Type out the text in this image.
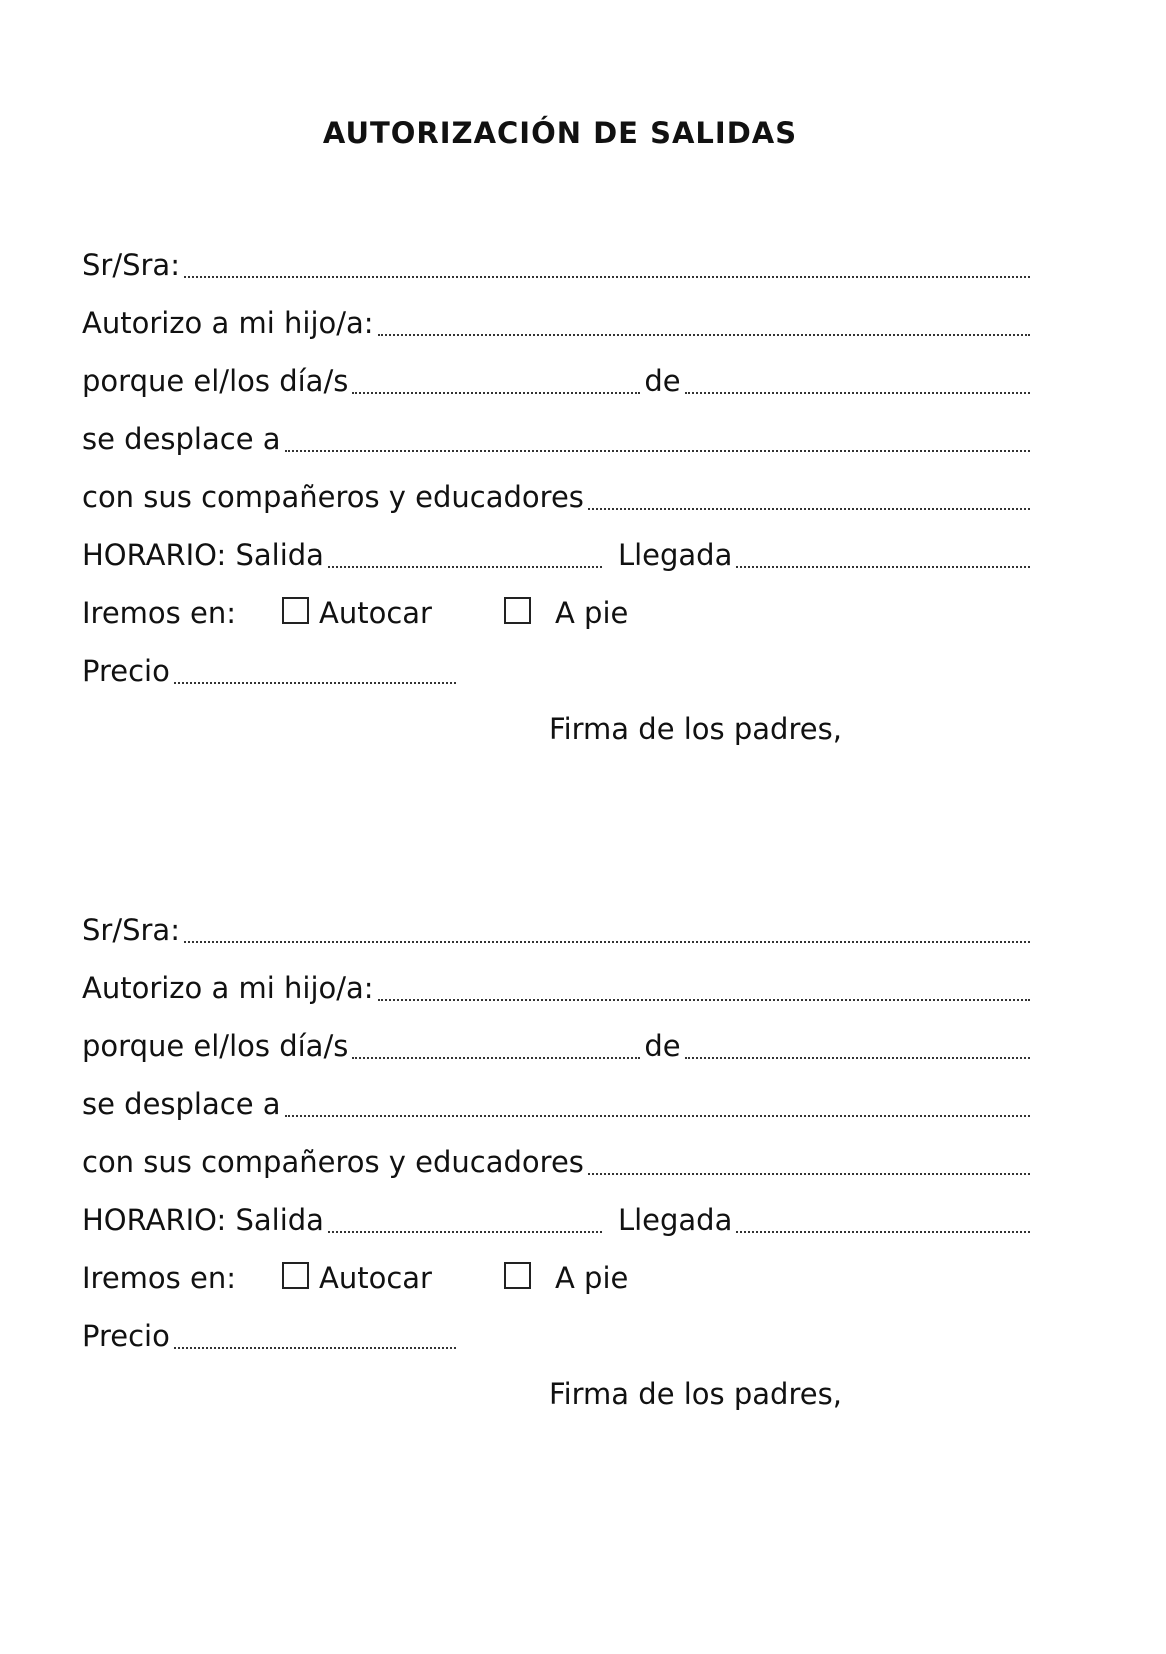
AUTORIZACIÓN DE SALIDAS
Sr/Sra:
Autorizo a mi hijo/a:
porque el/los día/s	de
se desplace a
con sus compañeros y educadores
HORARIO: Salida	Llegada
Iremos en:	Autocar	A pie
Precio
Firma de los padres,
Sr/Sra:
Autorizo a mi hijo/a:
porque el/los día/s	de
se desplace a
con sus compañeros y educadores
HORARIO: Salida	Llegada
Iremos en:	Autocar	A pie
Precio
Firma de los padres,
